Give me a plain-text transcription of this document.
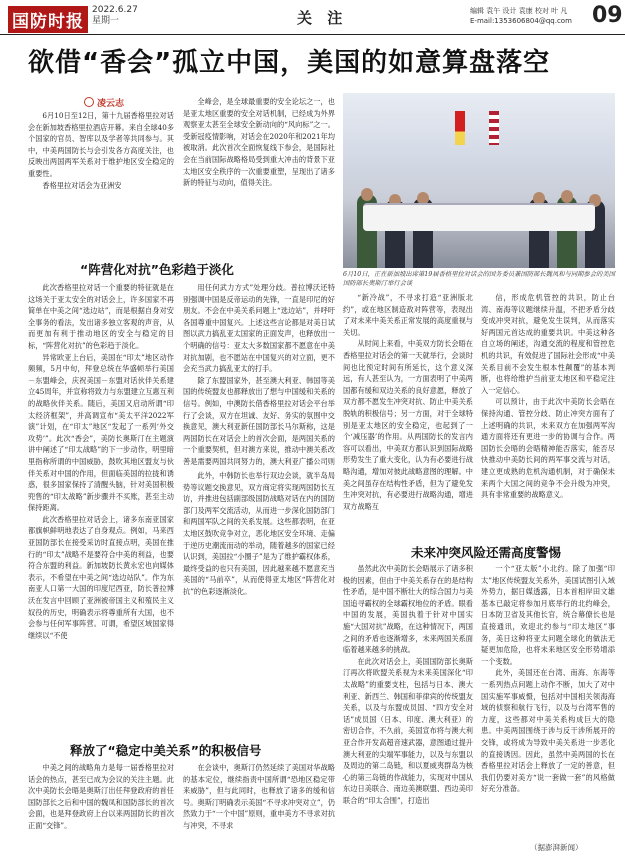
国防时报
2022.6.27
星期一	关 注	编辑 袁午 设计 袁康 校对 叶 凡
E-mail:1353606804@qq.com 09
欲借“香会”孤立中国，美国的如意算盘落空
凌云志

6月10日至12日，第十九届香格里拉对话会在新加坡香格里拉酒店开幕。来自全球40多个国家的官员、智库以及学者等共同参与。其中，中美两国防长与会引发各方高度关注，也反映出两国两军关系对于维护地区安全稳定的重要性。

香格里拉对话会为亚洲安

全峰会，是全球最重要的安全论坛之一，也是亚太地区重要的安全对话机制，已经成为外界观察亚太甚至全球安全新动向的“风向标”之一。受新冠疫情影响，对话会在2020年和2021年均被取消。此次首次全面恢复线下参会，是国际社会在当前国际战略格局受到重大冲击的背景下亚太地区安全秩序的一次重要重塑，呈现出了诸多新的特征与动向，值得关注。

6月10日，正在新加坡出席第19届香格里拉对话会的国务委员兼国防部长魏凤和与同期参会的美国国防部长奥斯汀举行会谈
“阵营化对抗”色彩趋于淡化

此次香格里拉对话一个重要的特征就是在这场关于亚太安全的对话会上，许多国家不再简单在中美之间“选边站”，而是根据自身对安全事务的看法，发出诸多独立客观的声音，从而更加有利于推动地区的安全与稳定的目标，“阵营化对抗”的色彩趋于淡化。

异常欧亚上台后，美国在“印太”地区动作频频，5月中旬，拜登总统在华盛顿举行美国－东盟峰会，庆祝美国－东盟对话伙伴关系建立45周年，并宣称将致力与东盟建立互惠互利的战略伙伴关系。随后，美国又启动所谓“印太经济框架”，并高调宣布“美太平洋2022军演”计划，在“印太”地区“发起了一系列‘外交攻势’”。此次“香会”，美防长奥斯汀在主题演讲中阐述了“印太战略”的下一步动作，明里暗里指称所谓的中国威胁，鼓吹其地区盟友与伙伴关系对中国的作用，但面临美国的拉拢和诱惑，很多国家保持了清醒头脑，针对美国积极兜售的“印太战略”新步骤并不买账，甚至主动保持距离。

此次香格里拉对话会上，诸多东南亚国家都旗帜鲜明地表达了自身观点。例如，马来西亚国防部长在接受采访时直接点明，美国在推行的“印太”战略不是要符合中美的利益，也要符合东盟的利益。新加坡防长黄永宏也向媒体表示，不希望在中美之间“选边站队”。作为东南亚人口第一大国的印度尼西亚，防长普拉博沃在发言中回顾了亚洲被帝国主义和殖民主义奴役的历史，明确表示将尊重所有大国，也不会参与任何军事阵营。可谓，希望区域国家得继续以“不使

用任何武力方式”处理分歧。普拉博沃还特别强调中国是反帝运动的先锋，一直是印尼的好朋友。不会在中美关系问题上“选边站”，并呼吁各国尊重中国复兴。上述这些言论都是对美日试图以武力搞乱亚太国家的正面发声，也释放出一个明确的信号：亚太大多数国家都不愿意在中美对抗加剧，也不愿站在中国复兴的对立面，更不会充当武力搞乱亚太的打手。

除了东盟国家外，甚至澳大利亚、韩国等美国的传统盟友也都释放出了想与中国缓和关系的信号。例如，中澳防长借香格里拉对话会平台举行了会谈，双方在坦诚、友好、务实的氛围中交换意见，澳大利亚新任国防部长马尔斯称，这是两国防长在对话会上的首次会面，是两国关系的一个重要契机，但对澳方来说，推动中澳关系改善是需要两国共同努力的，澳大利亚广播公司则

此外，中韩防长也举行双边会谈，就半岛局势等议题交换意见，双方商定将实现两国防长互访，并推进包括副部级国防战略对话在内的国防部门及两军交流活动，从而进一步深化国防部门和两国军队之间的关系发展。这些都表明，在亚太地区鼓吹竞争对立，恶化地区安全环境、走偏于逆历史潮流而动的举动，随着越多的国家已经认识到，美国拉“小圈子”是为了维护霸权体系，最终受益的也只有美国，因此越来越不愿意充当美国的“马前卒”，从而使得亚太地区“阵营化对抗”的色彩逐渐淡化。

“新冷战”，不寻求打造“亚洲版北约”，或在地区制造敌对阵营等，表现出了对未来中美关系正常发展的高度重视与关切。

从时间上来看，中美双方防长会晤在香格里拉对话会的第一天就举行，会谈时间也比预定时间有所延长，这个意义深远，有人甚至认为，一方面表明了中美两国都有缓和双边关系的良好意愿，释放了双方都不愿发生冲突对抗、防止中美关系脱轨的积极信号；另一方面，对于全球特别是亚太地区的安全稳定，也起到了一个‘减压器’的作用。从两国防长的发言内容可以看出，中美双方都认识到国际战略形势发生了重大变化，认为有必要进行战略沟通，增加对彼此战略意图的理解。中美之间虽存在结构性矛盾，但为了避免发生冲突对抗，有必要进行战略沟通，增进双方战略互

信，形成危机管控的共识，防止台湾、南海等议题继续升温，不把矛盾分歧变成冲突对抗，避免发生误判，从而落实好两国元首达成的重要共识。中美这种各自立场的阐述，沟通交流的程度和管控危机的共识，有效促进了国际社会形成“中美关系目前不会发生根本性颠覆”的基本判断，也将给维护当前亚太地区和平稳定注入一定信心。

可以预计，由于此次中美防长会晤在保持沟通、管控分歧、防止冲突方面有了上述明确的共识，未来双方在加强两军沟通方面将还有更进一步的协调与合作。两国防长会晤的会晤精神能否落实，能否尽快推动中美防长间的两军事交流与对话，建立更成熟的危机沟通机制，对于确保未来两个大国之间的竞争不会升级为冲突，具有非常重要的战略意义。

未来冲突风险还需高度警惕

虽然此次中美防长会晤展示了诸多积极的因素，但由于中美关系存在的是结构性矛盾，是中国不断壮大的综合国力与美国追寻霸权的全球霸权地位的矛盾。眼看中国的发展，美国执着于针对中国实施“大国对抗”战略，在这种情况下，两国之间的矛盾也逐渐增多，未来两国关系面临着越来越多的挑战。

在此次对话会上，美国国防部长奥斯汀再次将欧盟关系视为未来美国深化“印太战略”的重要支柱，包括与日本、澳大利亚、新西兰、韩国和菲律宾的传统盟友关系，以及与东盟成员国、“四方安全对话”成员国（日本、印度、澳大利亚）的密切合作，不久前，美国宣布将与澳大利亚合作开发高超音速武器，意图通过提升澳大利亚的尖端军事能力，以及与东盟以及周边的第二岛链，和以夏威夷群岛为核心的第三岛链的作战能力，实现对中国从东边日美联合、南边美澳联盟、西边美印联合的“印太合围”，打造出

一个“亚太版”小北约。除了加强“印太”地区传统盟友关系外，美国试图引入域外势力，据日媒透露，日本首相岸田文雄基本已敲定将参加月底举行的北约峰会，日本防卫省及其他长官，统合幕僚长也是直接通讯，欢迎北约参与“印太地区”事务，美日这种将亚太问题全球化的做法无疑更加危险，也将未来地区安全形势增添一个变数。

此外，美国还在台湾、南海、东海等一系列热点问题上动作不断，加大了对中国实施军事威慑，包括对中国相关领海海域的侦察和航行飞行，以及与台湾军售的力度，这些都对中美关系构成巨大的隐患。中美两国围绕于涉与反干涉所展开的交锋，或将成为导致中美关系进一步恶化的直接诱因。因此，虽然中美两国的长在香格里拉对话会上释放了一定的善意，但我们仍要对美方“说一套做一套”的风格做好充分准备。

释放了“稳定中美关系”的积极信号

中美之间的战略角力是每一届香格里拉对话会的热点，甚至已成为会议的关注主题。此次中美防长会晤是奥斯汀出任拜登政府的首任国防部长之后和中国的魏凤和国防部长的首次会面，也是拜登政府上台以来两国防长的首次正面“交锋”。

在会谈中，奥斯汀仍然延续了美国对华战略的基本定位，继续指责中国所谓“恐地区稳定带来威胁”，但与此同时，也释放了诸多的缓和信号。奥斯汀明确表示美国“不寻求冲突对立”，仍然致力于“一个中国”原则，重申美方不寻求对抗与冲突，不寻求

（据澎湃新闻）
